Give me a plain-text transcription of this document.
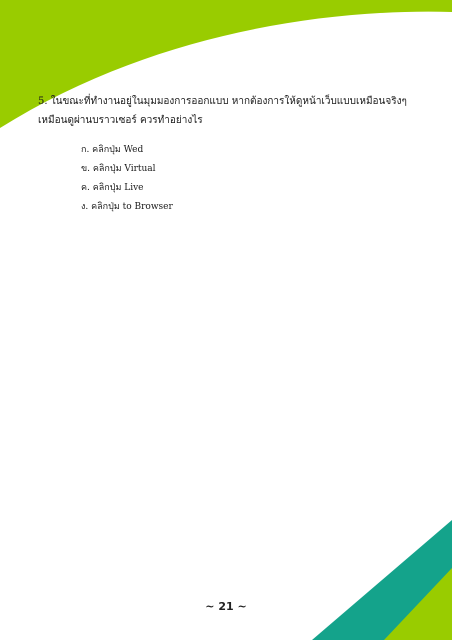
5. ในขณะที่ทำงานอยู่ในมุมมองการออกแบบ หากต้องการให้ดูหน้าเว็บแบบเหมือนจริงๆ
เหมือนดูผ่านบราวเซอร์ ควรทำอย่างไร
ก. คลิกปุ่ม Wed
ข. คลิกปุ่ม Virtual
ค. คลิกปุ่ม Live
ง. คลิกปุ่ม to Browser
~ 21 ~
